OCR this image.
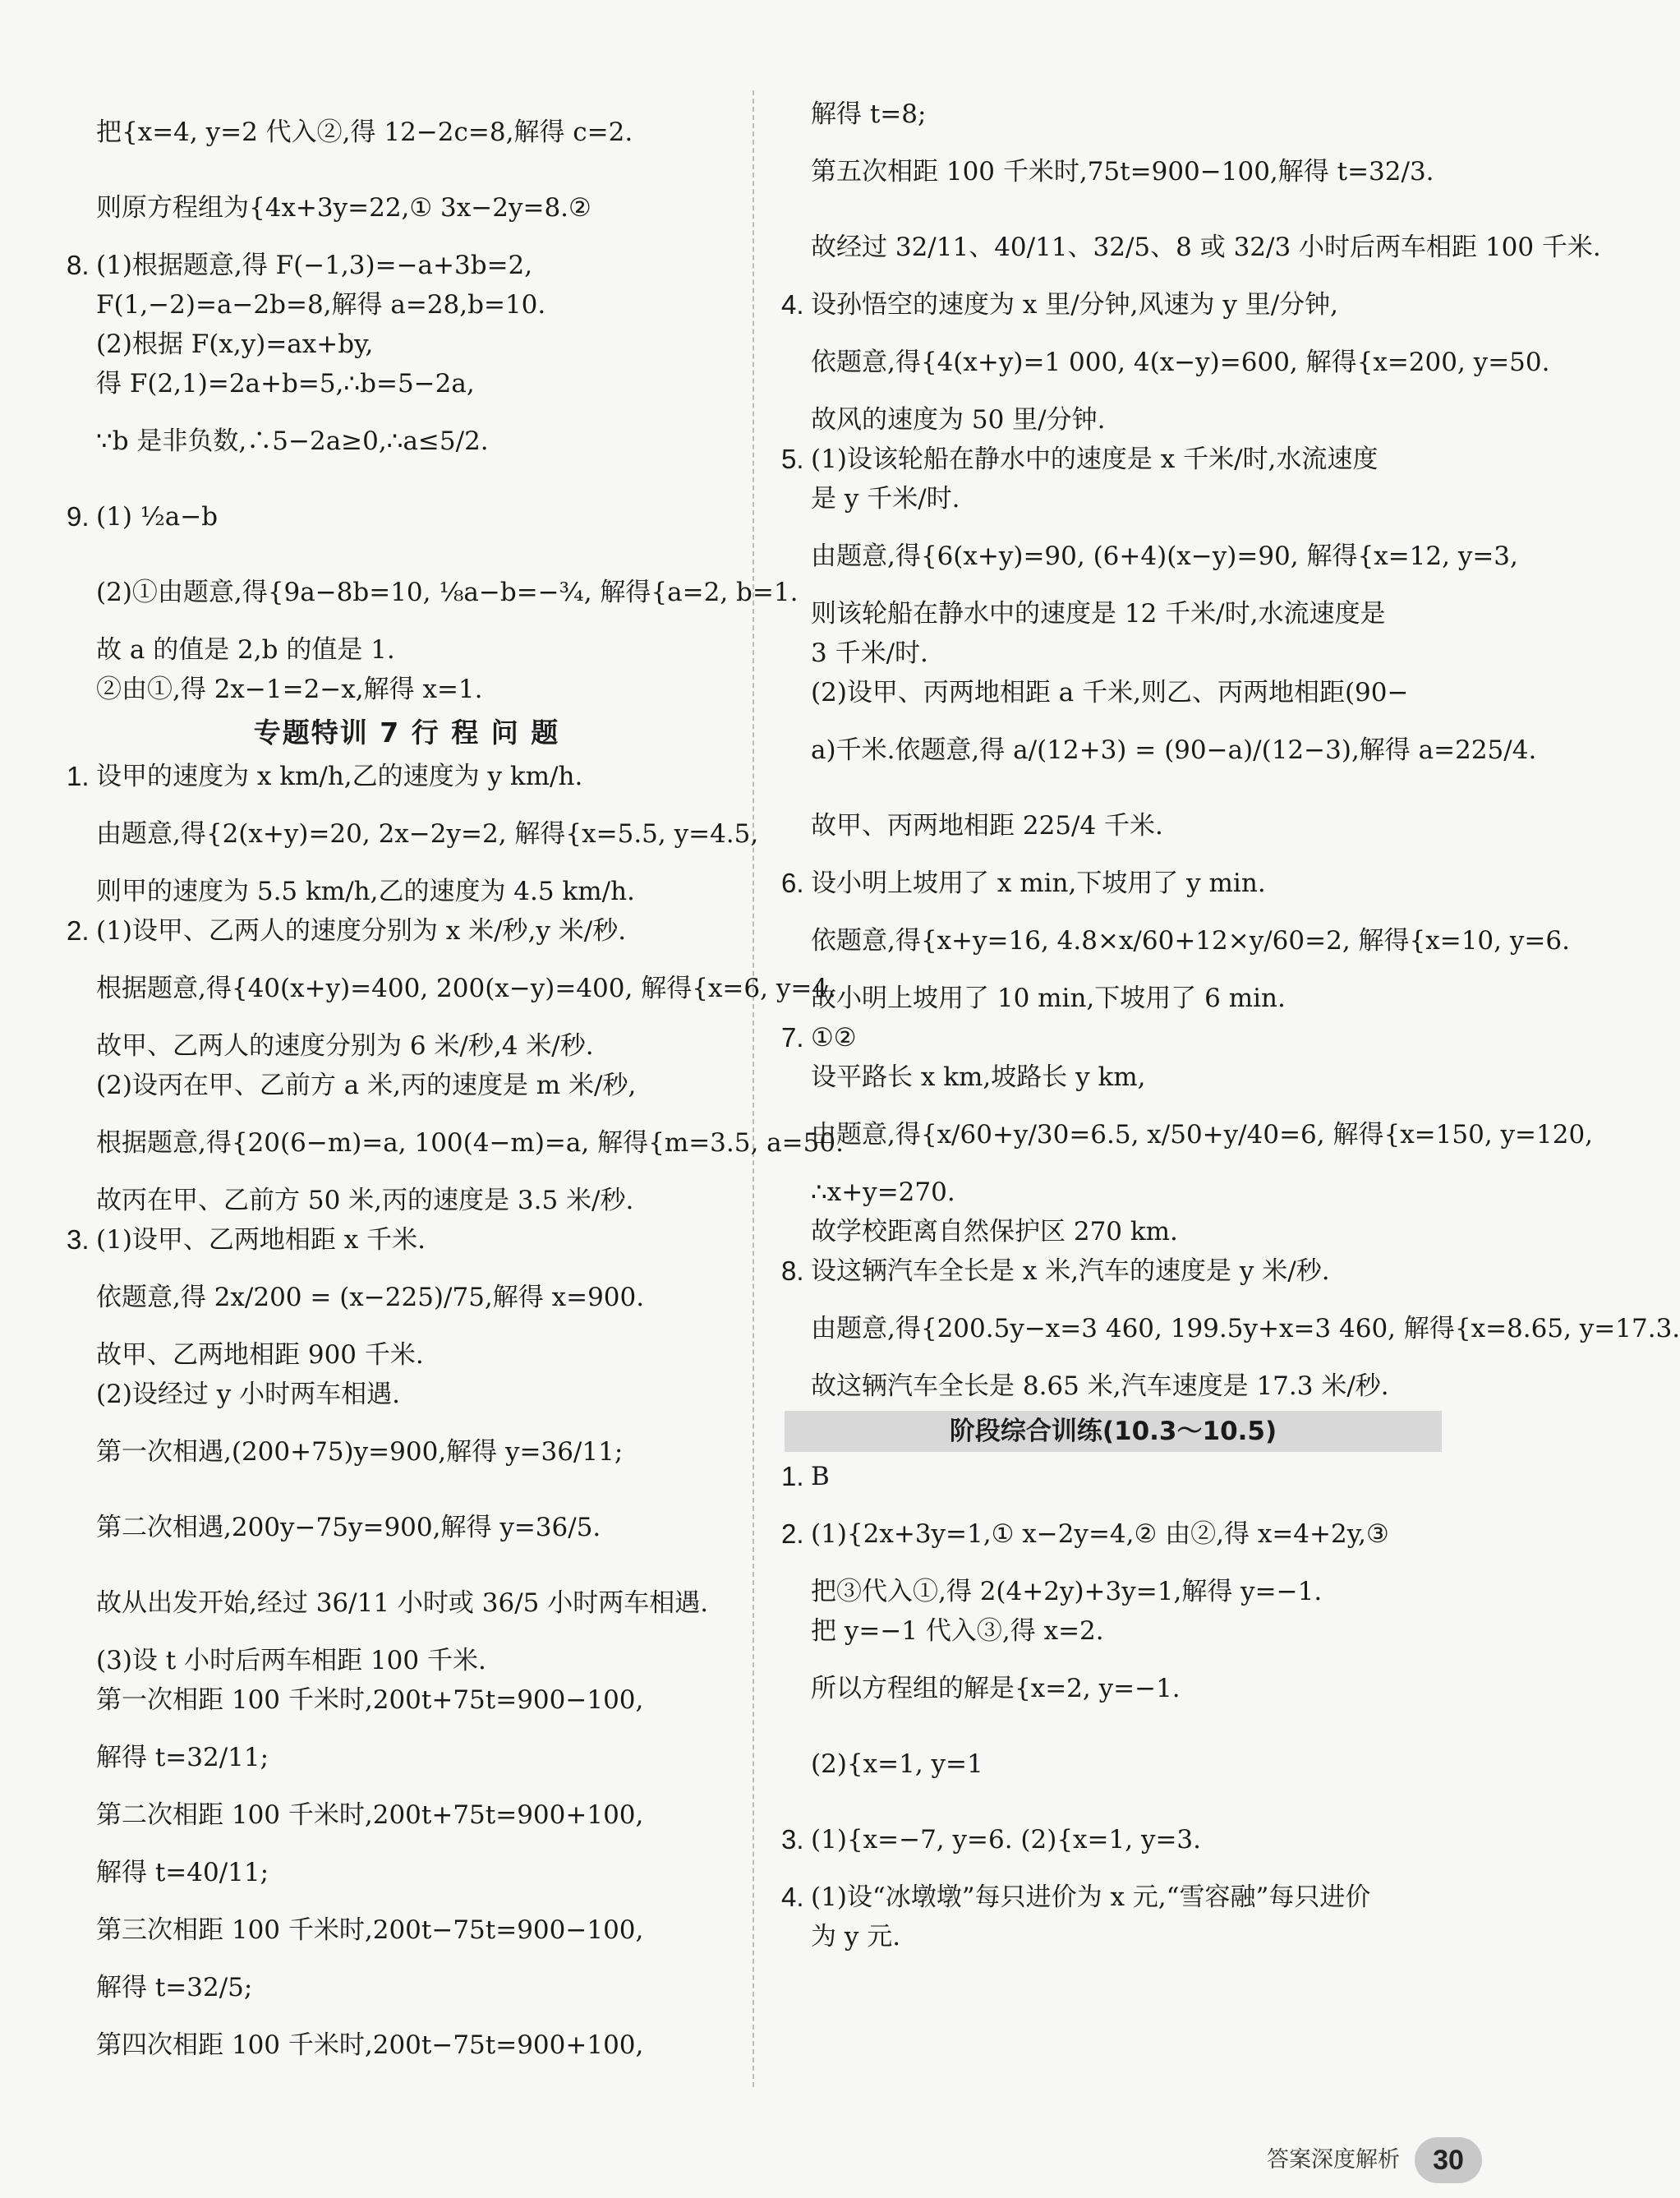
把{x=4, y=2 代入②,得 12−2c=8,解得 c=2.
则原方程组为{4x+3y=22,① 3x−2y=8.②
8. (1)根据题意,得 F(−1,3)=−a+3b=2,
F(1,−2)=a−2b=8,解得 a=28,b=10.
(2)根据 F(x,y)=ax+by,
得 F(2,1)=2a+b=5,∴b=5−2a,
∵b 是非负数,∴5−2a≥0,∴a≤5/2.
9. (1) ½a−b
(2)①由题意,得{9a−8b=10, ⅛a−b=−¾, 解得{a=2, b=1.
故 a 的值是 2,b 的值是 1.
②由①,得 2x−1=2−x,解得 x=1.
专题特训 7 行 程 问 题
1. 设甲的速度为 x km/h,乙的速度为 y km/h.
由题意,得{2(x+y)=20, 2x−2y=2, 解得{x=5.5, y=4.5,
则甲的速度为 5.5 km/h,乙的速度为 4.5 km/h.
2. (1)设甲、乙两人的速度分别为 x 米/秒,y 米/秒.
根据题意,得{40(x+y)=400, 200(x−y)=400, 解得{x=6, y=4.
故甲、乙两人的速度分别为 6 米/秒,4 米/秒.
(2)设丙在甲、乙前方 a 米,丙的速度是 m 米/秒,
根据题意,得{20(6−m)=a, 100(4−m)=a, 解得{m=3.5, a=50.
故丙在甲、乙前方 50 米,丙的速度是 3.5 米/秒.
3. (1)设甲、乙两地相距 x 千米.
依题意,得 2x/200 = (x−225)/75,解得 x=900.
故甲、乙两地相距 900 千米.
(2)设经过 y 小时两车相遇.
第一次相遇,(200+75)y=900,解得 y=36/11;
第二次相遇,200y−75y=900,解得 y=36/5.
故从出发开始,经过 36/11 小时或 36/5 小时两车相遇.
(3)设 t 小时后两车相距 100 千米.
第一次相距 100 千米时,200t+75t=900−100,
解得 t=32/11;
第二次相距 100 千米时,200t+75t=900+100,
解得 t=40/11;
第三次相距 100 千米时,200t−75t=900−100,
解得 t=32/5;
第四次相距 100 千米时,200t−75t=900+100,
解得 t=8;
第五次相距 100 千米时,75t=900−100,解得 t=32/3.
故经过 32/11、40/11、32/5、8 或 32/3 小时后两车相距 100 千米.
4. 设孙悟空的速度为 x 里/分钟,风速为 y 里/分钟,
依题意,得{4(x+y)=1 000, 4(x−y)=600, 解得{x=200, y=50.
故风的速度为 50 里/分钟.
5. (1)设该轮船在静水中的速度是 x 千米/时,水流速度
是 y 千米/时.
由题意,得{6(x+y)=90, (6+4)(x−y)=90, 解得{x=12, y=3,
则该轮船在静水中的速度是 12 千米/时,水流速度是
3 千米/时.
(2)设甲、丙两地相距 a 千米,则乙、丙两地相距(90−
a)千米.依题意,得 a/(12+3) = (90−a)/(12−3),解得 a=225/4.
故甲、丙两地相距 225/4 千米.
6. 设小明上坡用了 x min,下坡用了 y min.
依题意,得{x+y=16, 4.8×x/60+12×y/60=2, 解得{x=10, y=6.
故小明上坡用了 10 min,下坡用了 6 min.
7. ①②
设平路长 x km,坡路长 y km,
由题意,得{x/60+y/30=6.5, x/50+y/40=6, 解得{x=150, y=120,
∴x+y=270.
故学校距离自然保护区 270 km.
8. 设这辆汽车全长是 x 米,汽车的速度是 y 米/秒.
由题意,得{200.5y−x=3 460, 199.5y+x=3 460, 解得{x=8.65, y=17.3.
故这辆汽车全长是 8.65 米,汽车速度是 17.3 米/秒.
阶段综合训练(10.3～10.5)
1. B
2. (1){2x+3y=1,① x−2y=4,② 由②,得 x=4+2y,③
把③代入①,得 2(4+2y)+3y=1,解得 y=−1.
把 y=−1 代入③,得 x=2.
所以方程组的解是{x=2, y=−1.
(2){x=1, y=1
3. (1){x=−7, y=6. (2){x=1, y=3.
4. (1)设“冰墩墩”每只进价为 x 元,“雪容融”每只进价
为 y 元.
答案深度解析	30
